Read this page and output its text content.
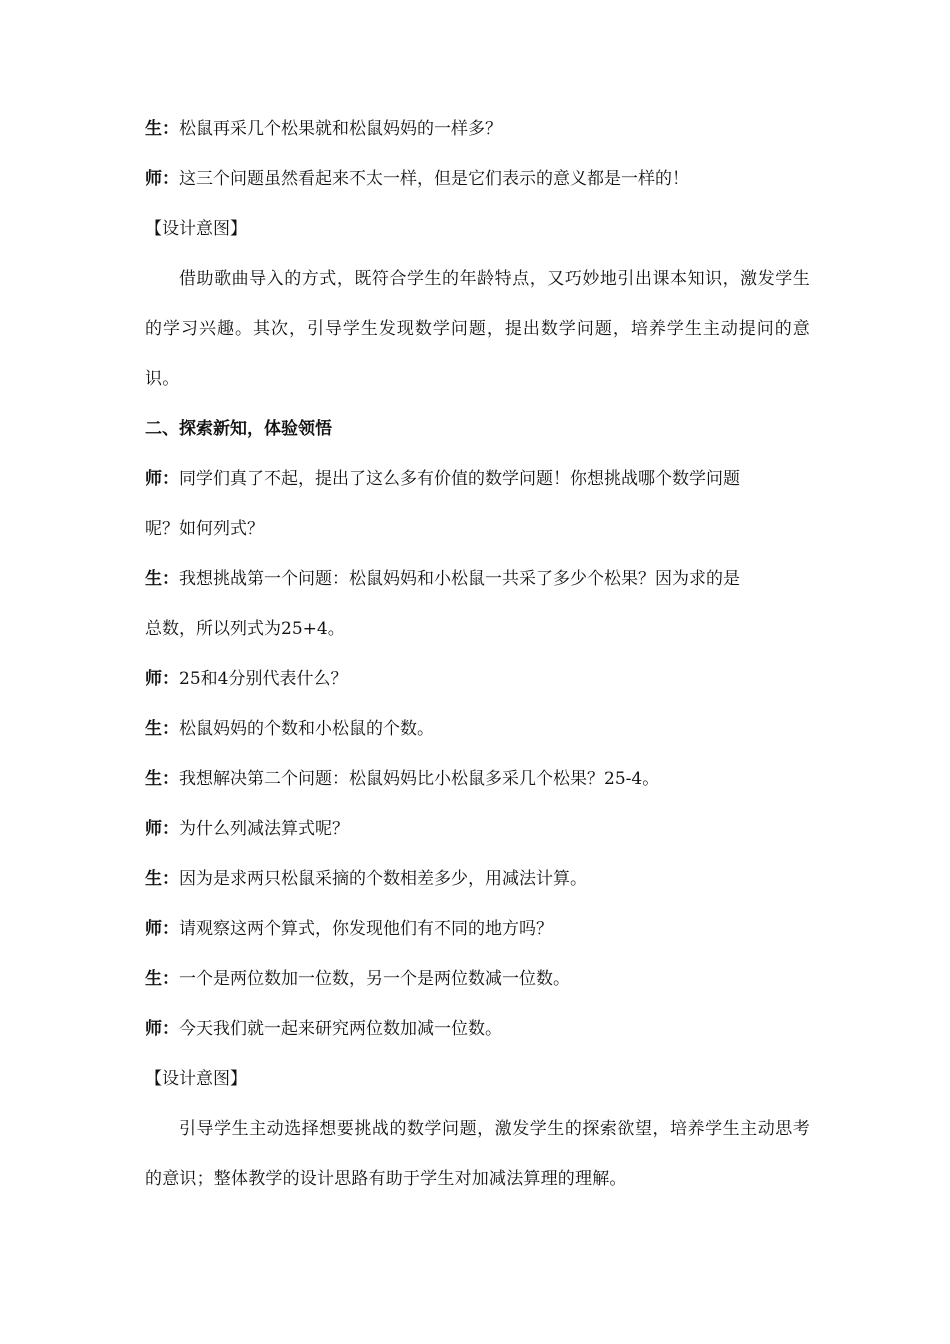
生：松鼠再采几个松果就和松鼠妈妈的一样多？
师：这三个问题虽然看起来不太一样，但是它们表示的意义都是一样的！
【设计意图】
借助歌曲导入的方式，既符合学生的年龄特点，又巧妙地引出课本知识，激发学生的学习兴趣。其次，引导学生发现数学问题，提出数学问题，培养学生主动提问的意识。
二、探索新知，体验领悟
师：同学们真了不起，提出了这么多有价值的数学问题！你想挑战哪个数学问题
呢？如何列式？
生：我想挑战第一个问题：松鼠妈妈和小松鼠一共采了多少个松果？因为求的是
总数，所以列式为25+4。
师：25和4分别代表什么？
生：松鼠妈妈的个数和小松鼠的个数。
生：我想解决第二个问题：松鼠妈妈比小松鼠多采几个松果？25-4。
师：为什么列减法算式呢？
生：因为是求两只松鼠采摘的个数相差多少，用减法计算。
师：请观察这两个算式，你发现他们有不同的地方吗？
生：一个是两位数加一位数，另一个是两位数减一位数。
师：今天我们就一起来研究两位数加减一位数。
【设计意图】
引导学生主动选择想要挑战的数学问题，激发学生的探索欲望，培养学生主动思考的意识；整体教学的设计思路有助于学生对加减法算理的理解。
